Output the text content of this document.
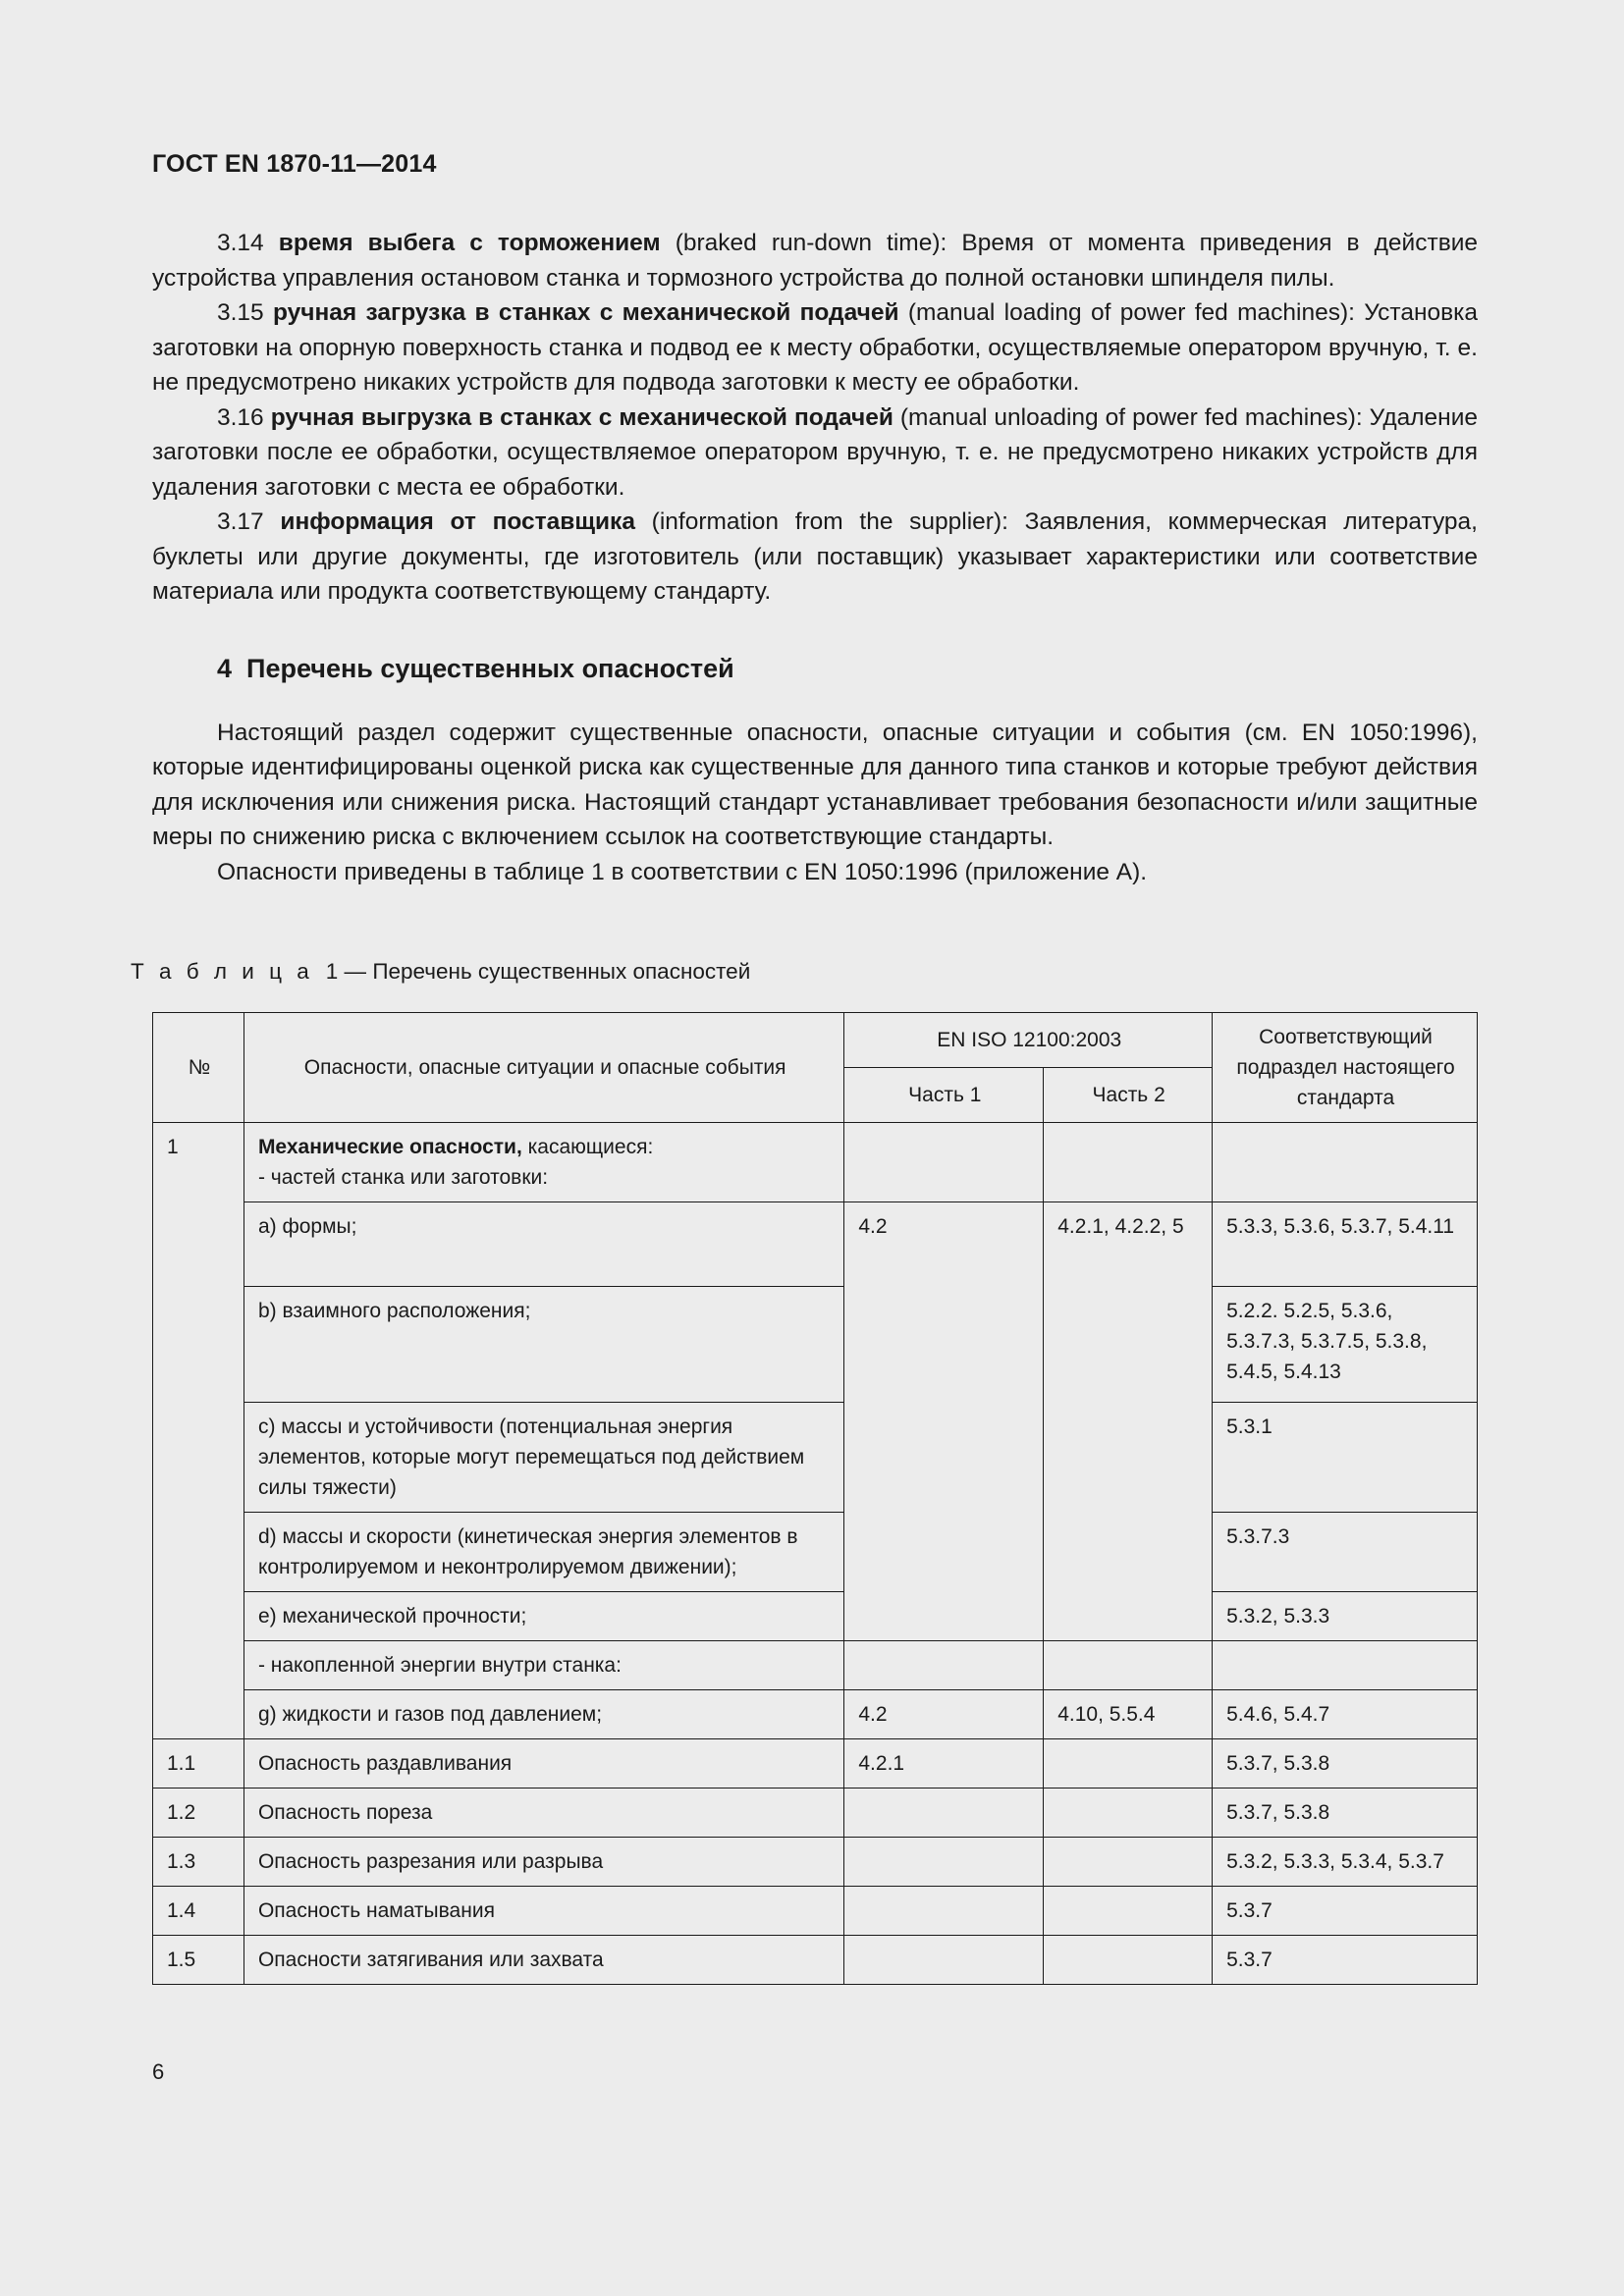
ГОСТ EN 1870-11—2014

3.14 время выбега с торможением (braked run-down time): Время от момента приведения в действие устройства управления остановом станка и тормозного устройства до полной остановки шпинделя пилы.

3.15 ручная загрузка в станках с механической подачей (manual loading of power fed machines): Установка заготовки на опорную поверхность станка и подвод ее к месту обработки, осуществляемые оператором вручную, т. е. не предусмотрено никаких устройств для подвода заготовки к месту ее обработки.

3.16 ручная выгрузка в станках с механической подачей (manual unloading of power fed machines): Удаление заготовки после ее обработки, осуществляемое оператором вручную, т. е. не предусмотрено никаких устройств для удаления заготовки с места ее обработки.

3.17 информация от поставщика (information from the supplier): Заявления, коммерческая литература, буклеты или другие документы, где изготовитель (или поставщик) указывает характеристики или соответствие материала или продукта соответствующему стандарту.

4 Перечень существенных опасностей

Настоящий раздел содержит существенные опасности, опасные ситуации и события (см. EN 1050:1996), которые идентифицированы оценкой риска как существенные для данного типа станков и которые требуют действия для исключения или снижения риска. Настоящий стандарт устанавливает требования безопасности и/или защитные меры по снижению риска с включением ссылок на соответствующие стандарты.

Опасности приведены в таблице 1 в соответствии с EN 1050:1996 (приложение А).

Т а б л и ц а 1 — Перечень существенных опасностей
№	Опасности, опасные ситуации и опасные события	EN ISO 12100:2003		Соответствующий подраздел настоящего стандарта
		Часть 1	Часть 2	
1	Механические опасности, касающиеся:
- частей станка или заготовки:			
	a) формы;	4.2	4.2.1, 4.2.2, 5	5.3.3, 5.3.6, 5.3.7, 5.4.11
	b) взаимного расположения;			5.2.2. 5.2.5, 5.3.6, 5.3.7.3, 5.3.7.5, 5.3.8, 5.4.5, 5.4.13
	c) массы и устойчивости (потенциальная энергия элементов, которые могут перемещаться под действием силы тяжести)			5.3.1
	d) массы и скорости (кинетическая энергия элементов в контролируемом и неконтролируемом движении);			5.3.7.3
	e) механической прочности;			5.3.2, 5.3.3
	- накопленной энергии внутри станка:			
	g) жидкости и газов под давлением;	4.2	4.10, 5.5.4	5.4.6, 5.4.7
1.1	Опасность раздавливания	4.2.1		5.3.7, 5.3.8
1.2	Опасность пореза			5.3.7, 5.3.8
1.3	Опасность разрезания или разрыва			5.3.2, 5.3.3, 5.3.4, 5.3.7
1.4	Опасность наматывания			5.3.7
1.5	Опасности затягивания или захвата			5.3.7
6
